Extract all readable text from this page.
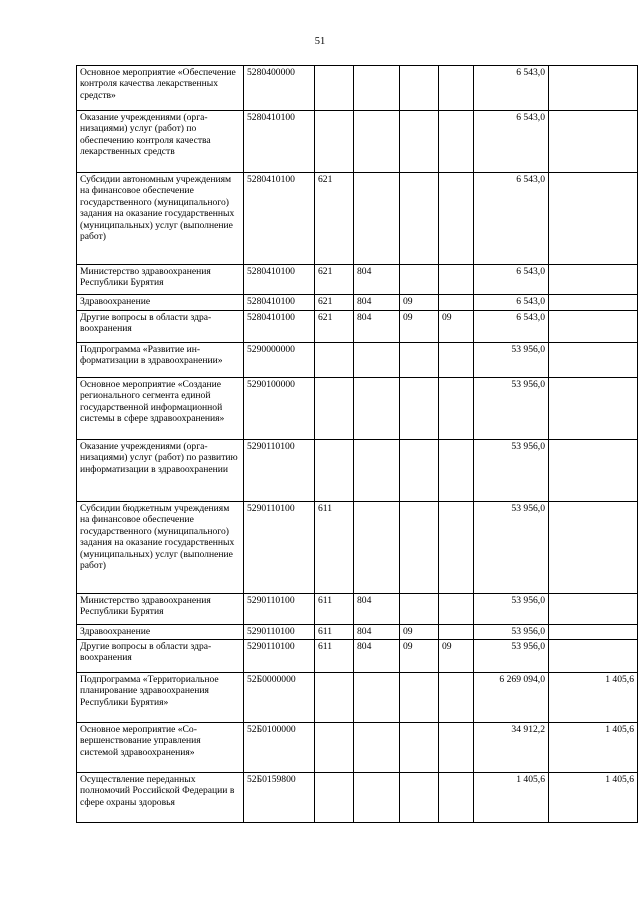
51
Основное мероприятие «Обеспечение контроля качества лекарственных средств»	5280400000					6 543,0	
Оказание учреждениями (организациями) услуг (работ) по обеспечению контроля качества лекарственных средств	5280410100					6 543,0	
Субсидии автономным учреждениям на финансовое обеспечение государственного (муниципального) задания на оказание государственных (муниципальных) услуг (выполнение работ)	5280410100	621				6 543,0	
Министерство здравоохранения Республики Бурятия	5280410100	621	804			6 543,0	
Здравоохранение	5280410100	621	804	09		6 543,0	
Другие вопросы в области здравоохранения	5280410100	621	804	09	09	6 543,0	
Подпрограмма «Развитие информатизации в здравоохранении»	5290000000					53 956,0	
Основное мероприятие «Создание регионального сегмента единой государственной информационной системы в сфере здравоохранения»	5290100000					53 956,0	
Оказание учреждениями (организациями) услуг (работ) по развитию информатизации в здравоохранении	5290110100					53 956,0	
Субсидии бюджетным учреждениям на финансовое обеспечение государственного (муниципального) задания на оказание государственных (муниципальных) услуг (выполнение работ)	5290110100	611				53 956,0	
Министерство здравоохранения Республики Бурятия	5290110100	611	804			53 956,0	
Здравоохранение	5290110100	611	804	09		53 956,0	
Другие вопросы в области здравоохранения	5290110100	611	804	09	09	53 956,0	
Подпрограмма «Территориальное планирование здравоохранения Республики Бурятия»	52Б0000000					6 269 094,0	1 405,6
Основное мероприятие «Совершенствование управления системой здравоохранения»	52Б0100000					34 912,2	1 405,6
Осуществление переданных полномочий Российской Федерации в сфере охраны здоровья	52Б0159800					1 405,6	1 405,6
